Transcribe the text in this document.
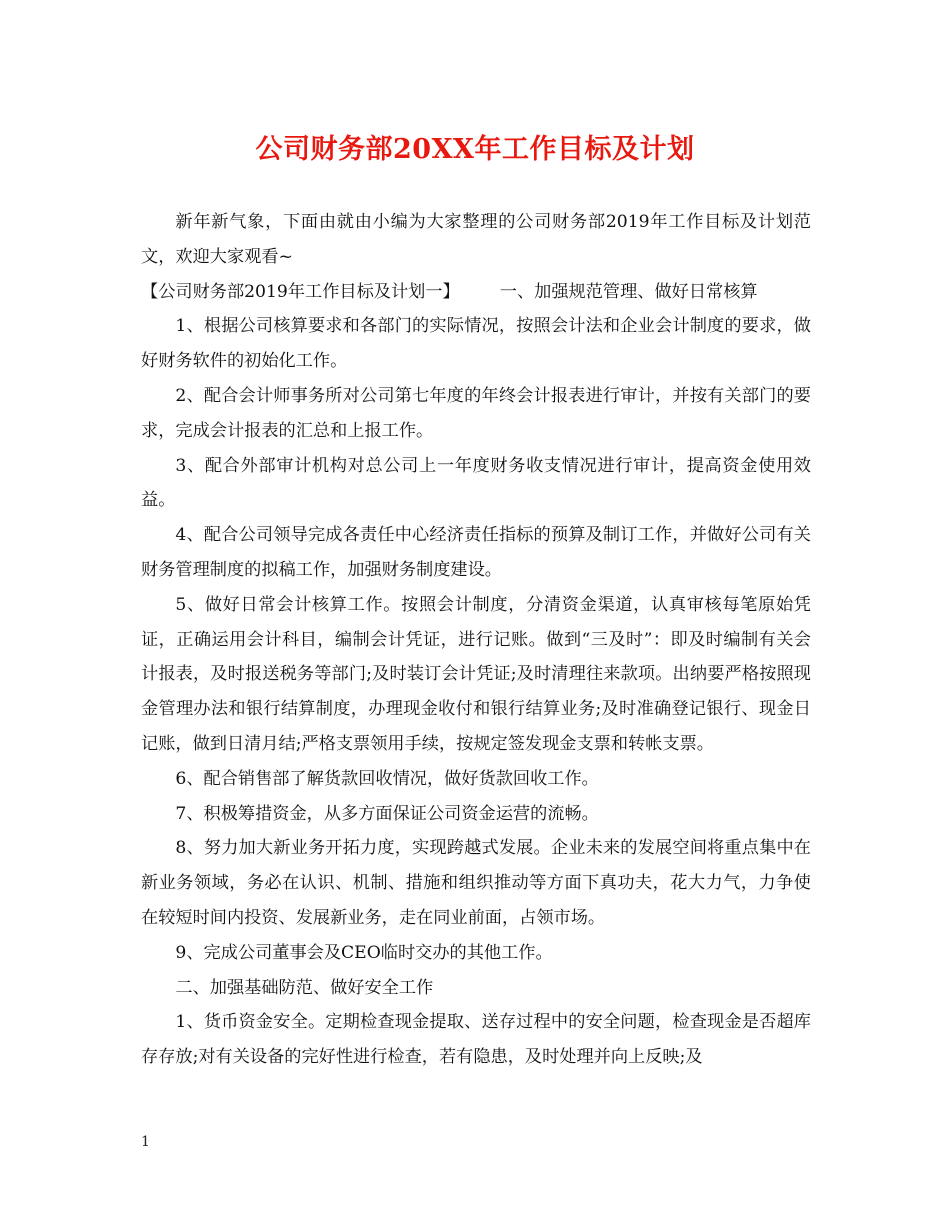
公司财务部20XX年工作目标及计划

新年新气象，下面由就由小编为大家整理的公司财务部2019年工作目标及计划范文，欢迎大家观看~

【公司财务部2019年工作目标及计划一】 一、加强规范管理、做好日常核算

1、根据公司核算要求和各部门的实际情况，按照会计法和企业会计制度的要求，做好财务软件的初始化工作。

2、配合会计师事务所对公司第七年度的年终会计报表进行审计，并按有关部门的要求，完成会计报表的汇总和上报工作。

3、配合外部审计机构对总公司上一年度财务收支情况进行审计，提高资金使用效益。

4、配合公司领导完成各责任中心经济责任指标的预算及制订工作，并做好公司有关财务管理制度的拟稿工作，加强财务制度建设。

5、做好日常会计核算工作。按照会计制度，分清资金渠道，认真审核每笔原始凭证，正确运用会计科目，编制会计凭证，进行记账。做到“三及时”：即及时编制有关会计报表，及时报送税务等部门;及时装订会计凭证;及时清理往来款项。出纳要严格按照现金管理办法和银行结算制度，办理现金收付和银行结算业务;及时准确登记银行、现金日记账，做到日清月结;严格支票领用手续，按规定签发现金支票和转帐支票。

6、配合销售部了解货款回收情况，做好货款回收工作。

7、积极筹措资金，从多方面保证公司资金运营的流畅。

8、努力加大新业务开拓力度，实现跨越式发展。企业未来的发展空间将重点集中在新业务领域，务必在认识、机制、措施和组织推动等方面下真功夫，花大力气，力争使在较短时间内投资、发展新业务，走在同业前面，占领市场。

9、完成公司董事会及CEO临时交办的其他工作。

二、加强基础防范、做好安全工作

1、货币资金安全。定期检查现金提取、送存过程中的安全问题，检查现金是否超库存存放;对有关设备的完好性进行检查，若有隐患，及时处理并向上反映;及

1
